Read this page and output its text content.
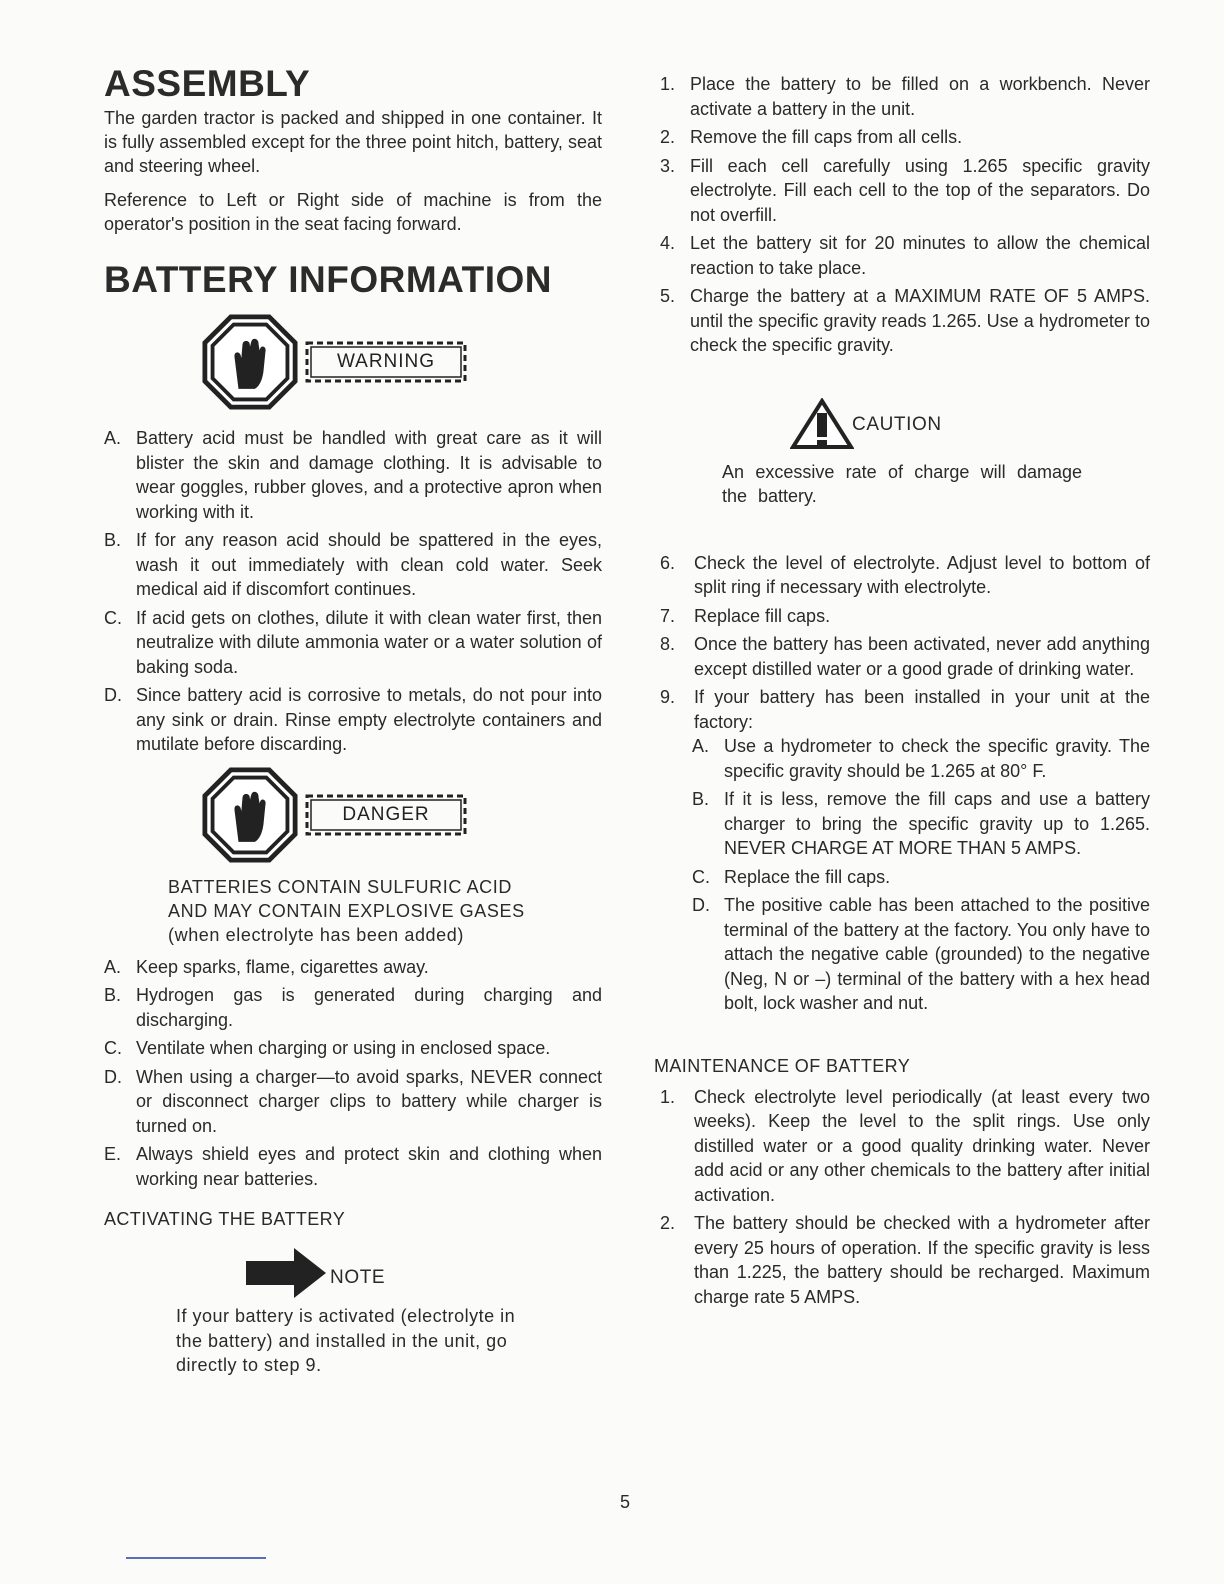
ASSEMBLY

The garden tractor is packed and shipped in one container. It is fully assembled except for the three point hitch, battery, seat and steering wheel.

Reference to Left or Right side of machine is from the operator's position in the seat facing forward.

BATTERY INFORMATION
WARNING
A. Battery acid must be handled with great care as it will blister the skin and damage clothing. It is advisable to wear goggles, rubber gloves, and a protective apron when working with it.
B. If for any reason acid should be spattered in the eyes, wash it out immediately with clean cold water. Seek medical aid if discomfort continues.
C. If acid gets on clothes, dilute it with clean water first, then neutralize with dilute ammonia water or a water solution of baking soda.
D. Since battery acid is corrosive to metals, do not pour into any sink or drain. Rinse empty electrolyte containers and mutilate before discarding.
DANGER

BATTERIES CONTAIN SULFURIC ACID AND MAY CONTAIN EXPLOSIVE GASES (when electrolyte has been added)

A. Keep sparks, flame, cigarettes away.
B. Hydrogen gas is generated during charging and discharging.
C. Ventilate when charging or using in enclosed space.
D. When using a charger—to avoid sparks, NEVER connect or disconnect charger clips to battery while charger is turned on.
E. Always shield eyes and protect skin and clothing when working near batteries.
ACTIVATING THE BATTERY
NOTE

If your battery is activated (electrolyte in the battery) and installed in the unit, go directly to step 9.

1. Place the battery to be filled on a workbench. Never activate a battery in the unit.
2. Remove the fill caps from all cells.
3. Fill each cell carefully using 1.265 specific gravity electrolyte. Fill each cell to the top of the separators. Do not overfill.
4. Let the battery sit for 20 minutes to allow the chemical reaction to take place.
5. Charge the battery at a MAXIMUM RATE OF 5 AMPS. until the specific gravity reads 1.265. Use a hydrometer to check the specific gravity.
CAUTION

An excessive rate of charge will damage the battery.

6. Check the level of electrolyte. Adjust level to bottom of split ring if necessary with electrolyte.
7. Replace fill caps.
8. Once the battery has been activated, never add anything except distilled water or a good grade of drinking water.
9. If your battery has been installed in your unit at the factory:
A. Use a hydrometer to check the specific gravity. The specific gravity should be 1.265 at 80° F.
B. If it is less, remove the fill caps and use a battery charger to bring the specific gravity up to 1.265. NEVER CHARGE AT MORE THAN 5 AMPS.
C. Replace the fill caps.
D. The positive cable has been attached to the positive terminal of the battery at the factory. You only have to attach the negative cable (grounded) to the negative (Neg, N or –) terminal of the battery with a hex head bolt, lock washer and nut.
MAINTENANCE OF BATTERY
1. Check electrolyte level periodically (at least every two weeks). Keep the level to the split rings. Use only distilled water or a good quality drinking water. Never add acid or any other chemicals to the battery after initial activation.
2. The battery should be checked with a hydrometer after every 25 hours of operation. If the specific gravity is less than 1.225, the battery should be recharged. Maximum charge rate 5 AMPS.
5
